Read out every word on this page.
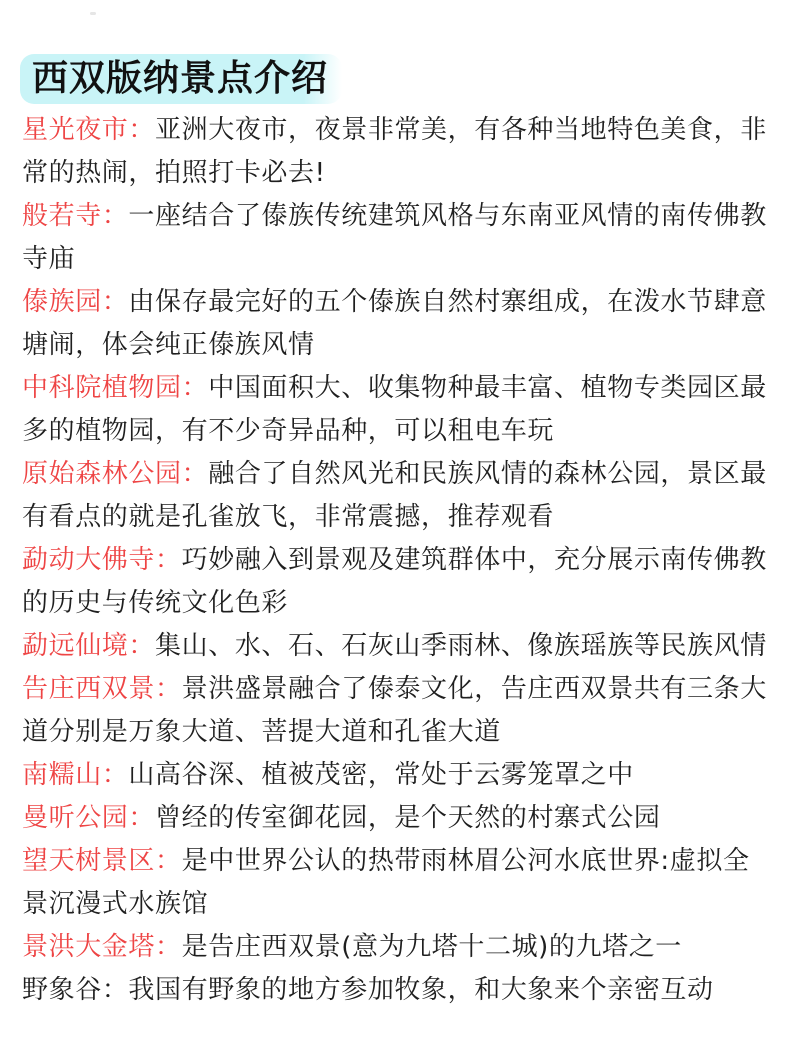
西双版纳景点介绍
星光夜市：亚洲大夜市，夜景非常美，有各种当地特色美食，非常的热闹，拍照打卡必去!
般若寺：一座结合了傣族传统建筑风格与东南亚风情的南传佛教寺庙
傣族园：由保存最完好的五个傣族自然村寨组成，在泼水节肆意塘闹，体会纯正傣族风情
中科院植物园：中国面积大、收集物种最丰富、植物专类园区最多的植物园，有不少奇异品种，可以租电车玩
原始森林公园：融合了自然风光和民族风情的森林公园，景区最有看点的就是孔雀放飞，非常震撼，推荐观看
勐动大佛寺：巧妙融入到景观及建筑群体中，充分展示南传佛教的历史与传统文化色彩
勐远仙境：集山、水、石、石灰山季雨林、像族瑶族等民族风情
告庄西双景：景洪盛景融合了傣泰文化，告庄西双景共有三条大道分别是万象大道、菩提大道和孔雀大道
南糯山：山高谷深、植被茂密，常处于云雾笼罩之中
曼听公园：曾经的传室御花园，是个天然的村寨式公园
望天树景区：是中世界公认的热带雨林眉公河水底世界:虚拟全景沉漫式水族馆
景洪大金塔：是告庄西双景(意为九塔十二城)的九塔之一
野象谷：我国有野象的地方参加牧象，和大象来个亲密互动
